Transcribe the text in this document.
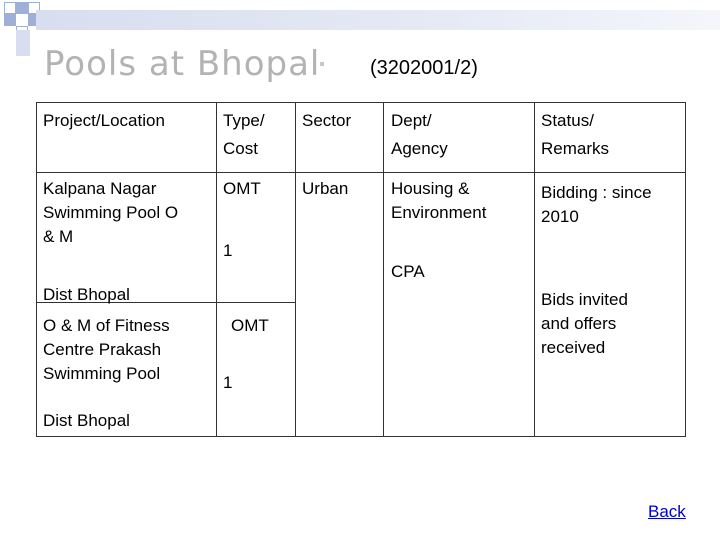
Pools at Bhopal (3202001/2)
Project/Location	Type/
Cost
Sector Dept/
Agency
Status/
Remarks
Kalpana Nagar
Swimming Pool O
& M
Dist Bhopal
OMT
1
O & M of Fitness
Centre Prakash
Swimming Pool
Dist Bhopal
OMT
1
Urban	Housing &
Environment
CPA
Bidding : since
2010
Bids invited
and offers
received
Back
